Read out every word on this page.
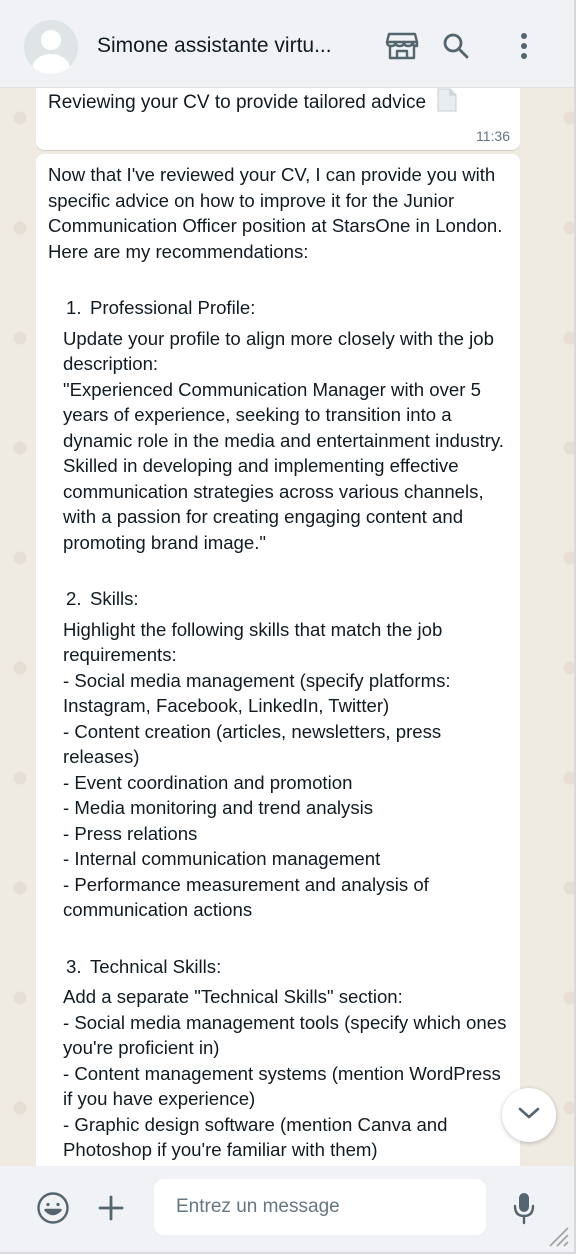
Simone assistante virtu...
Reviewing your CV to provide tailored advice
11:36

Now that I've reviewed your CV, I can provide you with specific advice on how to improve it for the Junior Communication Officer position at StarsOne in London. Here are my recommendations:

1. Professional Profile:

Update your profile to align more closely with the job description:

"Experienced Communication Manager with over 5 years of experience, seeking to transition into a dynamic role in the media and entertainment industry. Skilled in developing and implementing effective communication strategies across various channels, with a passion for creating engaging content and promoting brand image."

2. Skills:

Highlight the following skills that match the job requirements:

- Social media management (specify platforms: Instagram, Facebook, LinkedIn, Twitter)

- Content creation (articles, newsletters, press releases)

- Event coordination and promotion

- Media monitoring and trend analysis

- Press relations

- Internal communication management

- Performance measurement and analysis of communication actions

3. Technical Skills:

Add a separate "Technical Skills" section:

- Social media management tools (specify which ones you're proficient in)

- Content management systems (mention WordPress if you have experience)

- Graphic design software (mention Canva and Photoshop if you're familiar with them)

Entrez un message
